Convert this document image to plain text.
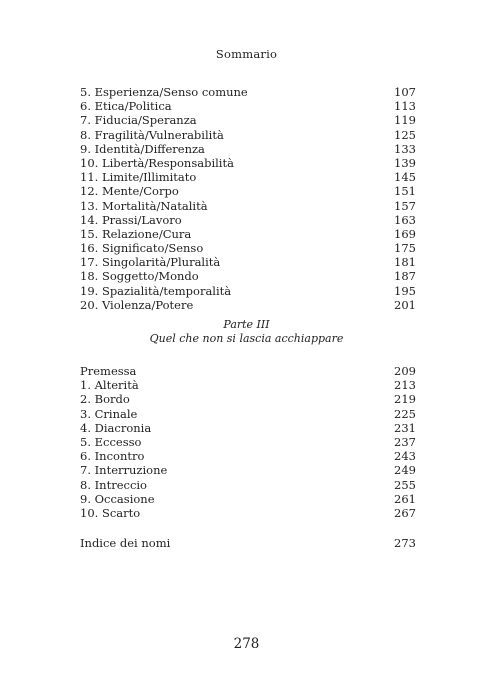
Sommario
5. Esperienza/Senso comune	107
6. Etica/Politica	113
7. Fiducia/Speranza	119
8. Fragilità/Vulnerabilità	125
9. Identità/Differenza	133
10. Libertà/Responsabilità	139
11. Limite/Illimitato	145
12. Mente/Corpo	151
13. Mortalità/Natalità	157
14. Prassi/Lavoro	163
15. Relazione/Cura	169
16. Significato/Senso	175
17. Singolarità/Pluralità	181
18. Soggetto/Mondo	187
19. Spazialità/temporalità	195
20. Violenza/Potere	201
Parte III
Quel che non si lascia acchiappare
Premessa	209
1. Alterità	213
2. Bordo	219
3. Crinale	225
4. Diacronia	231
5. Eccesso	237
6. Incontro	243
7. Interruzione	249
8. Intreccio	255
9. Occasione	261
10. Scarto	267
Indice dei nomi	273
278
